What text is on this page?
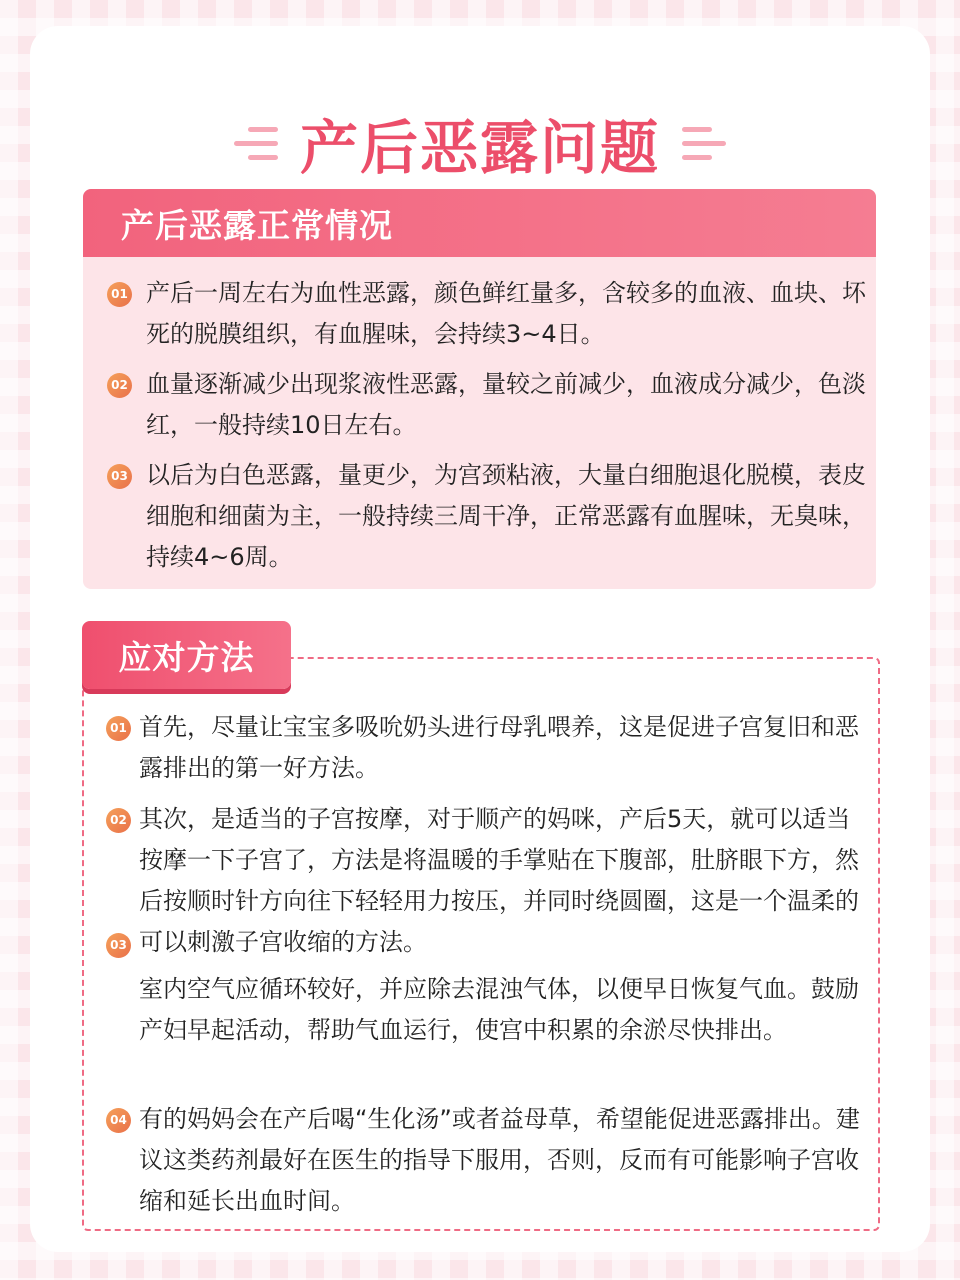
产后恶露问题
产后恶露正常情况
01 产后一周左右为血性恶露，颜色鲜红量多，含较多的血液、血块、坏死的脱膜组织，有血腥味，会持续3~4日。
02 血量逐渐减少出现浆液性恶露，量较之前减少，血液成分减少，色淡红，一般持续10日左右。
03 以后为白色恶露，量更少，为宫颈粘液，大量白细胞退化脱模，表皮细胞和细菌为主，一般持续三周干净，正常恶露有血腥味，无臭味，持续4~6周。
01 首先，尽量让宝宝多吸吮奶头进行母乳喂养，这是促进子宫复旧和恶露排出的第一好方法。
02 其次，是适当的子宫按摩，对于顺产的妈咪，产后5天，就可以适当按摩一下子宫了，方法是将温暖的手掌贴在下腹部，肚脐眼下方，然后按顺时针方向往下轻轻用力按压，并同时绕圆圈，这是一个温柔的可以刺激子宫收缩的方法。
03
室内空气应循环较好，并应除去混浊气体，以便早日恢复气血。鼓励产妇早起活动，帮助气血运行，使宫中积累的余淤尽快排出。
04 有的妈妈会在产后喝“生化汤”或者益母草，希望能促进恶露排出。建议这类药剂最好在医生的指导下服用，否则，反而有可能影响子宫收缩和延长出血时间。
应对方法
